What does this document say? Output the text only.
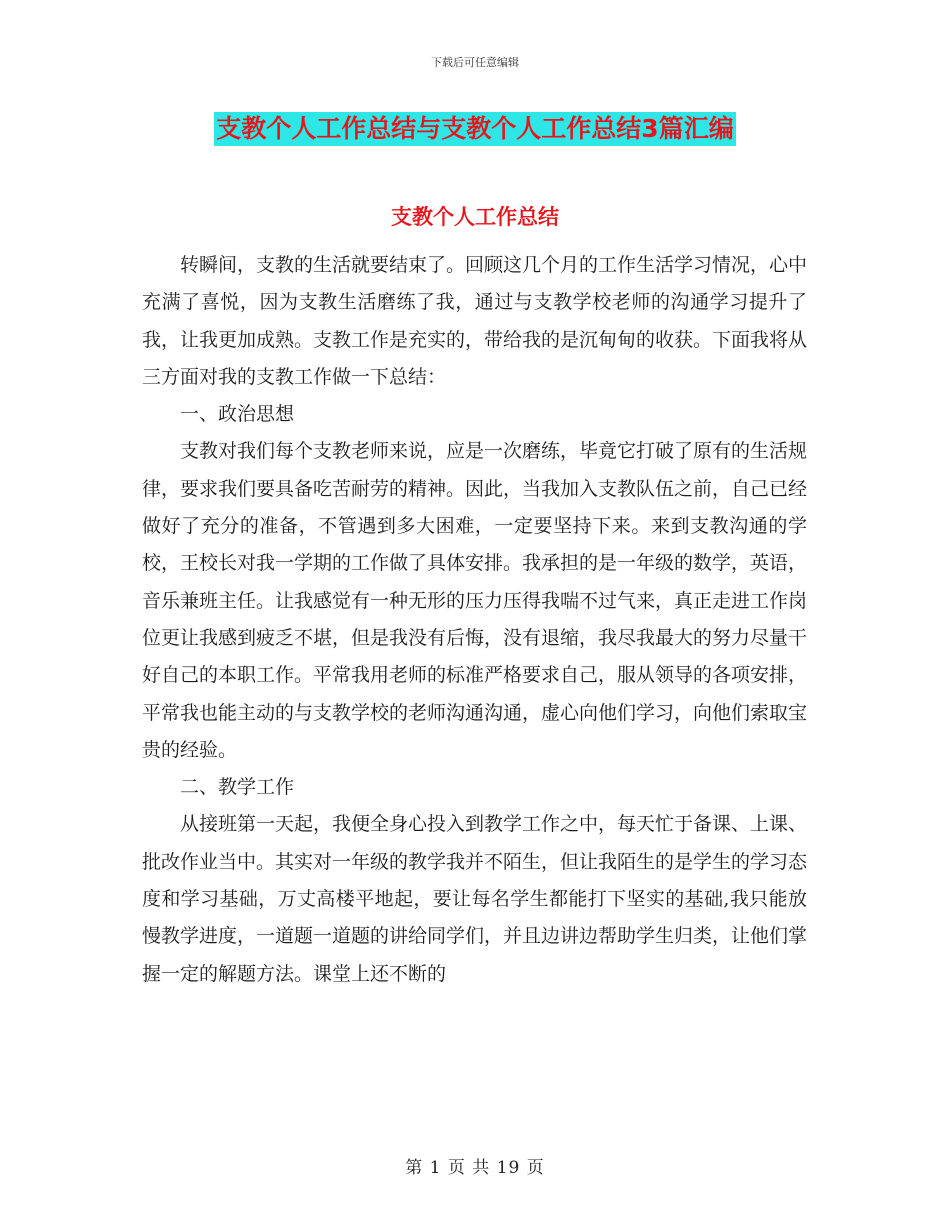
下载后可任意编辑
支教个人工作总结与支教个人工作总结3篇汇编
支教个人工作总结

转瞬间，支教的生活就要结束了。回顾这几个月的工作生活学习情况，心中充满了喜悦，因为支教生活磨练了我，通过与支教学校老师的沟通学习提升了我，让我更加成熟。支教工作是充实的，带给我的是沉甸甸的收获。下面我将从三方面对我的支教工作做一下总结：

一、政治思想

支教对我们每个支教老师来说，应是一次磨练，毕竟它打破了原有的生活规律，要求我们要具备吃苦耐劳的精神。因此，当我加入支教队伍之前，自己已经做好了充分的准备，不管遇到多大困难，一定要坚持下来。来到支教沟通的学校，王校长对我一学期的工作做了具体安排。我承担的是一年级的数学，英语，音乐兼班主任。让我感觉有一种无形的压力压得我喘不过气来，真正走进工作岗位更让我感到疲乏不堪，但是我没有后悔，没有退缩，我尽我最大的努力尽量干好自己的本职工作。平常我用老师的标准严格要求自己，服从领导的各项安排，平常我也能主动的与支教学校的老师沟通沟通，虚心向他们学习，向他们索取宝贵的经验。

二、教学工作

从接班第一天起，我便全身心投入到教学工作之中，每天忙于备课、上课、批改作业当中。其实对一年级的教学我并不陌生，但让我陌生的是学生的学习态度和学习基础，万丈高楼平地起，要让每名学生都能打下坚实的基础,我只能放慢教学进度，一道题一道题的讲给同学们，并且边讲边帮助学生归类，让他们掌握一定的解题方法。课堂上还不断的

第 1 页 共 19 页
